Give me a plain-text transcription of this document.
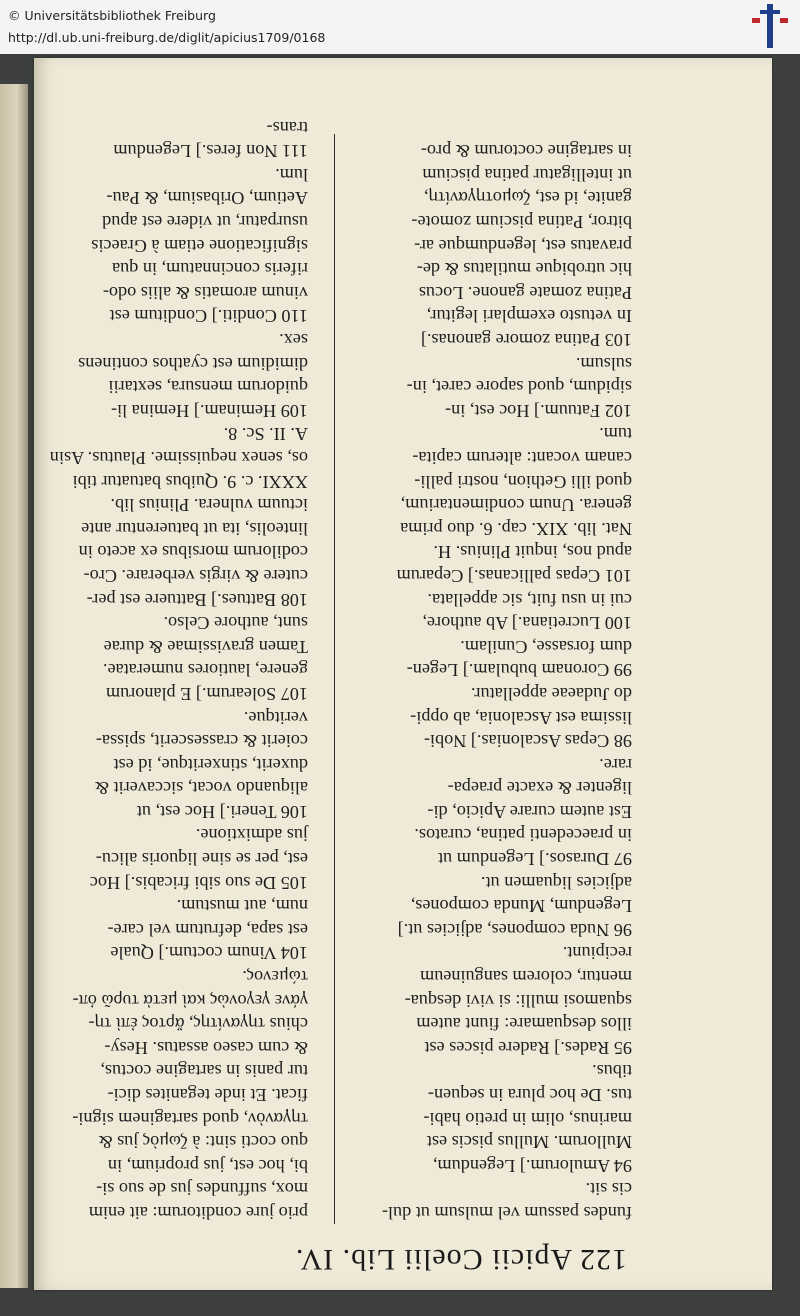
© Universitätsbibliothek Freiburg
http://dl.ub.uni-freiburg.de/diglit/apicius1709/0168
122 Apicii Coelii Lib. IV.

fundes passum vel mulsum ut dul-

cis sit.

94 Amulorum.] Legendum,

Mullorum. Mullus piscis est

marinus, olim in pretio habi-

tus. De hoc plura in sequen-

tibus.

95 Rades.] Radere pisces est

illos desquamare: fiunt autem

squamosi mulli: si vivi desqua-

mentur, colorem sanguineum

recipiunt.

96 Nuda compones, adjicies ut.]

Legendum, Munda compones,

adjicies liquamen ut.

97 Durasos.] Legendum ut

in praecedenti patina, curatos.

Est autem curare Apicio, di-

ligenter & exacte praepa-

rare.

98 Cepas Ascalonias.] Nobi-

lissima est Ascalonia, ab oppi-

do Judaeae appellatur.

99 Coronam bubulam.] Legen-

dum forsasse, Cunilam.

100 Lucretiana.] Ab authore,

cui in usu fuit, sic appellata.

101 Cepas pallicanas.] Ceparum

apud nos, inquit Plinius. H.

Nat. lib. XIX. cap. 6. duo prima

genera. Unum condimentarium,

quod illi Gethion, nostri palli-

canam vocant: alterum capita-

tum.

102 Fatuum.] Hoc est, in-

sipidum, quod sapore caret, in-

sulsum.

103 Patina zomore ganonas.]

In vetusto exemplari legitur,

Patina zomate ganone. Locus

hic utrobique mutilatus & de-

pravatus est, legendumque ar-

bitror, Patina piscium zomote-

ganite, id est, ζωμοτηγανίτη,

ut intelligatur patina piscium

in sartagine coctorum & pro-

prio jure conditorum: ait enim

mox, suffundes jus de suo si-

bi, hoc est, jus proprium, in

quo cocti sint: à ζωμὸς jus &

τηγανὸν, quod sartaginem signi-

ficat. Et inde teganites dici-

tur panis in sartagine coctus,

& cum caseo assatus. Hesy-

chius τηγανίτης, ἄρτος ἐπὶ τη-

γάνε γεγονὼς καὶ μετὰ τυρῶ ὀπ-

τώμενος.

104 Vinum coctum.] Quale

est sapa, defrutum vel care-

num, aut mustum.

105 De suo sibi fricabis.] Hoc

est, per se sine liquoris alicu-

jus admixtione.

106 Teneri.] Hoc est, ut

aliquando vocat, siccaverit &

duxerit, stinxeritque, id est

coierit & crassescerit, spissa-

veritque.

107 Solearum.] E planorum

genere, lautiores numeratae.

Tamen gravissimae & durae

sunt, authore Celso.

108 Battues.] Battuere est per-

cutere & virgis verberare. Cro-

codilorum morsibus ex aceto in

linteolis, ita ut batuerentur ante

ictuum vulnera. Plinius lib.

XXXI. c. 9. Quibus batuatur tibi

os, senex nequissime. Plautus. Asin

A. II. Sc. 8.

109 Heminam.] Hemina li-

quidorum mensura, sextarii

dimidium est cyathos continens

sex.

110 Conditi.] Conditum est

vinum aromatis & aliis odo-

riferis concinnatum, in qua

significatione etiam à Graecis

usurpatur, ut videre est apud

Aetium, Oribasium, & Pau-

lum.

111 Non feres.] Legendum

trans-
